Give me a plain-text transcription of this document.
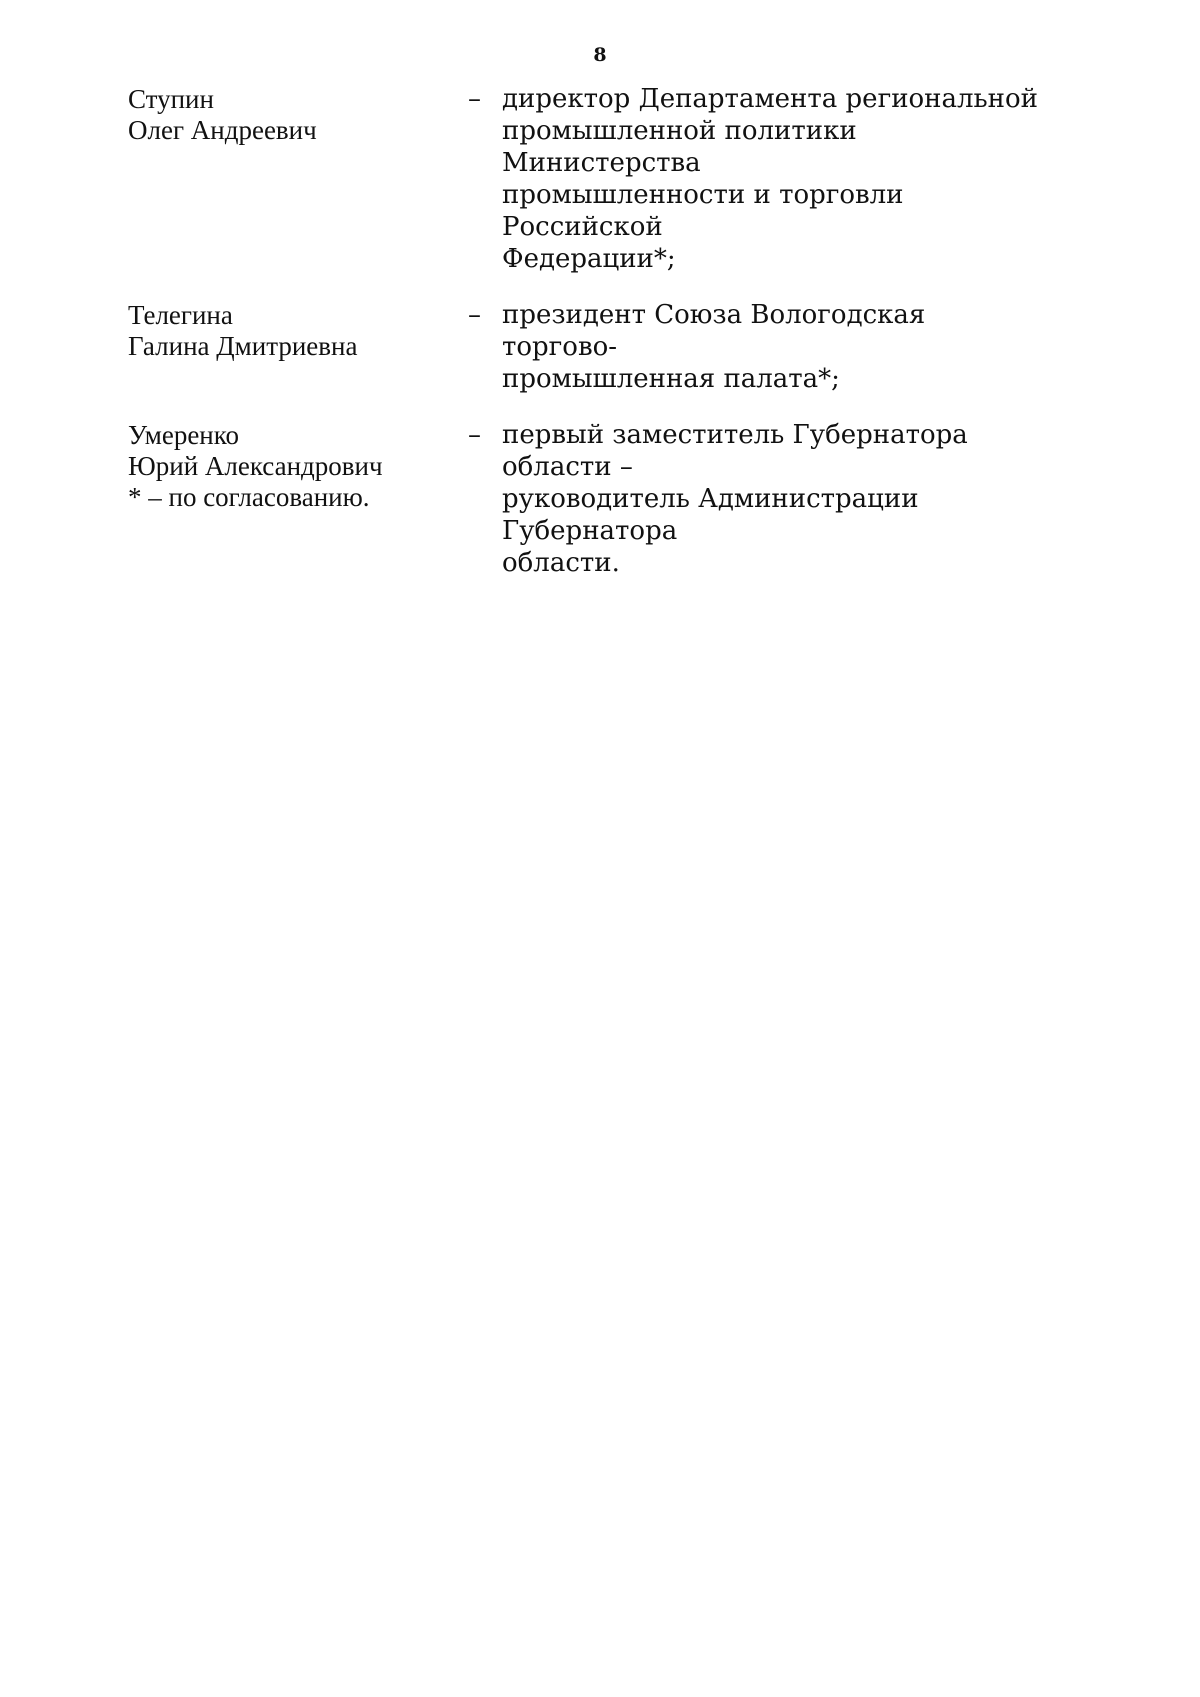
8
Ступин
Олег Андреевич
– директор Департамента региональной
промышленной политики Министерства
промышленности и торговли Российской
Федерации*;
Телегина
Галина Дмитриевна
– президент Союза Вологодская торгово-
промышленная палата*;
Умеренко
Юрий Александрович
– первый заместитель Губернатора области –
руководитель Администрации Губернатора
области.
* – по согласованию.
